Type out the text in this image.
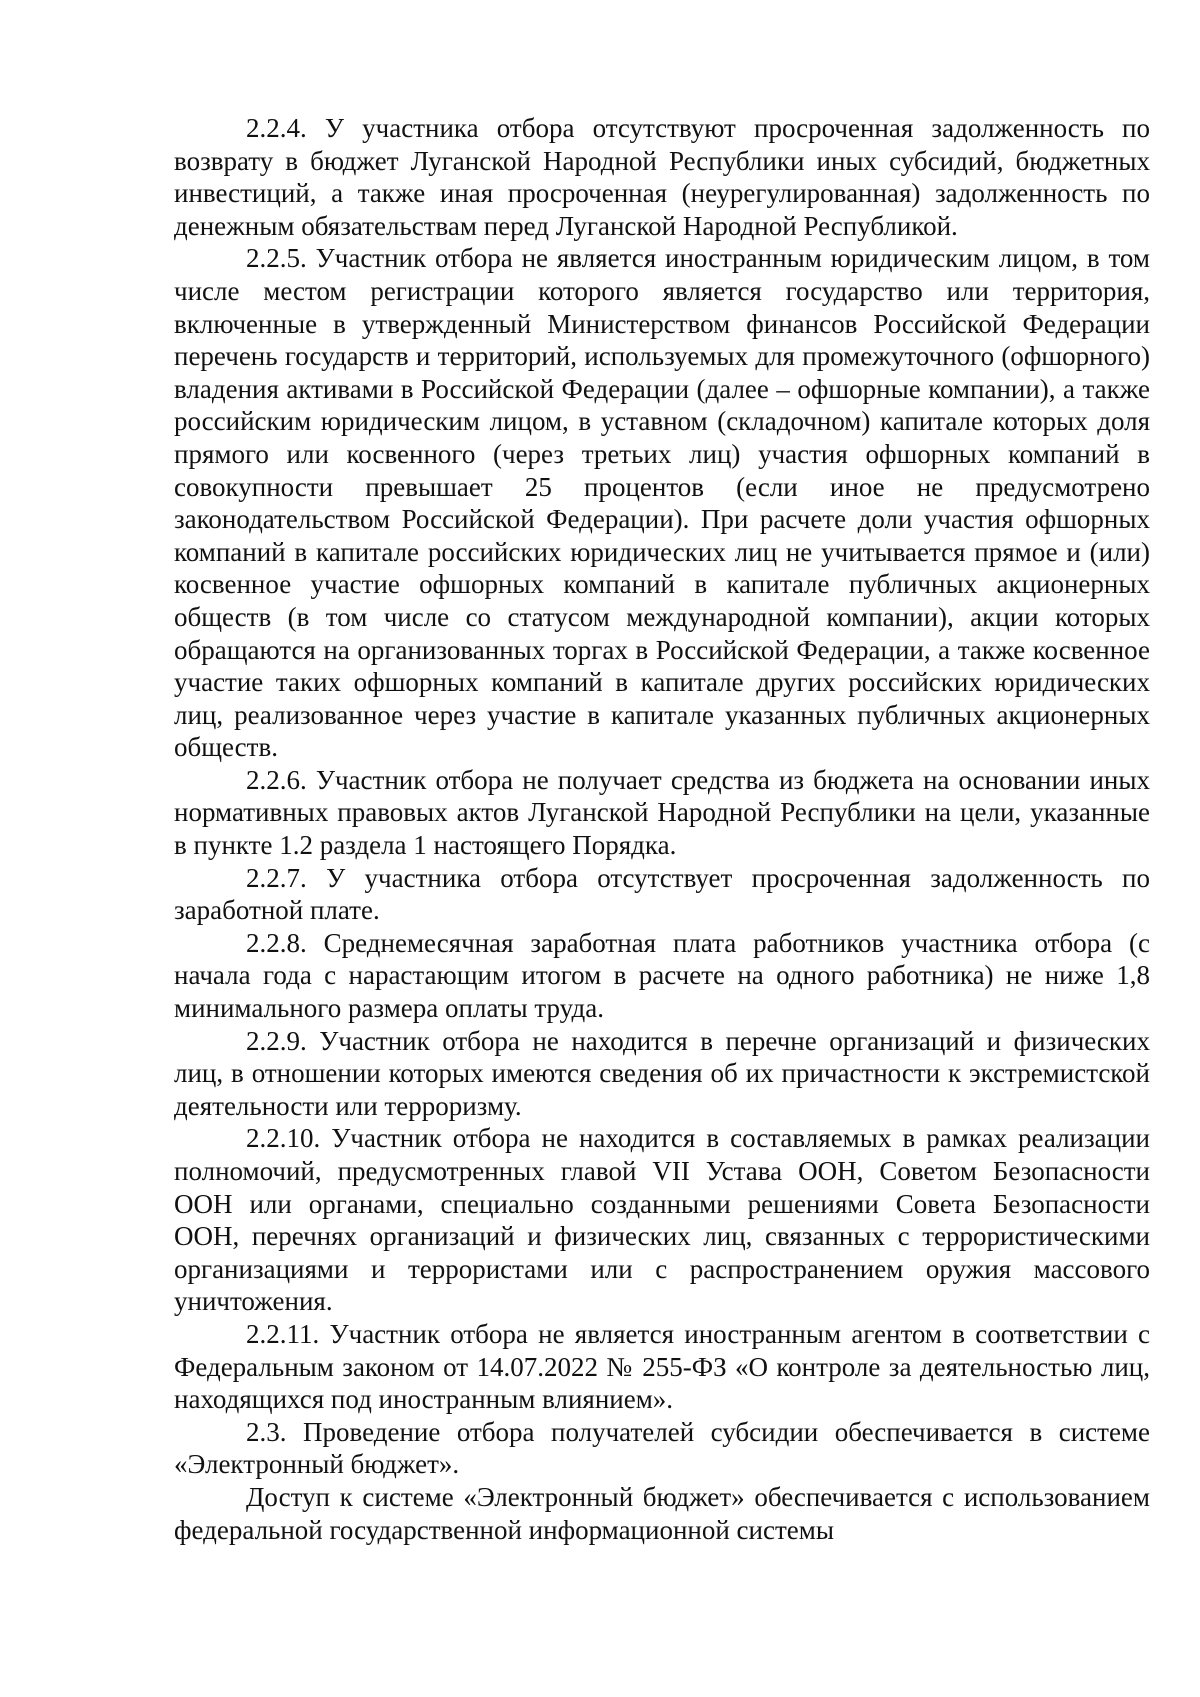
2.2.4. У участника отбора отсутствуют просроченная задолженность по возврату в бюджет Луганской Народной Республики иных субсидий, бюджетных инвестиций, а также иная просроченная (неурегулированная) задолженность по денежным обязательствам перед Луганской Народной Республикой.

2.2.5. Участник отбора не является иностранным юридическим лицом, в том числе местом регистрации которого является государство или территория, включенные в утвержденный Министерством финансов Российской Федерации перечень государств и территорий, используемых для промежуточного (офшорного) владения активами в Российской Федерации (далее – офшорные компании), а также российским юридическим лицом, в уставном (складочном) капитале которых доля прямого или косвенного (через третьих лиц) участия офшорных компаний в совокупности превышает 25 процентов (если иное не предусмотрено законодательством Российской Федерации). При расчете доли участия офшорных компаний в капитале российских юридических лиц не учитывается прямое и (или) косвенное участие офшорных компаний в капитале публичных акционерных обществ (в том числе со статусом международной компании), акции которых обращаются на организованных торгах в Российской Федерации, а также косвенное участие таких офшорных компаний в капитале других российских юридических лиц, реализованное через участие в капитале указанных публичных акционерных обществ.

2.2.6. Участник отбора не получает средства из бюджета на основании иных нормативных правовых актов Луганской Народной Республики на цели, указанные в пункте 1.2 раздела 1 настоящего Порядка.

2.2.7. У участника отбора отсутствует просроченная задолженность по заработной плате.

2.2.8. Среднемесячная заработная плата работников участника отбора (с начала года с нарастающим итогом в расчете на одного работника) не ниже 1,8 минимального размера оплаты труда.

2.2.9. Участник отбора не находится в перечне организаций и физических лиц, в отношении которых имеются сведения об их причастности к экстремистской деятельности или терроризму.

2.2.10. Участник отбора не находится в составляемых в рамках реализации полномочий, предусмотренных главой VII Устава ООН, Советом Безопасности ООН или органами, специально созданными решениями Совета Безопасности ООН, перечнях организаций и физических лиц, связанных с террористическими организациями и террористами или с распространением оружия массового уничтожения.

2.2.11. Участник отбора не является иностранным агентом в соответствии с Федеральным законом от 14.07.2022 № 255-ФЗ «О контроле за деятельностью лиц, находящихся под иностранным влиянием».

2.3. Проведение отбора получателей субсидии обеспечивается в системе «Электронный бюджет».

Доступ к системе «Электронный бюджет» обеспечивается с использованием федеральной государственной информационной системы
